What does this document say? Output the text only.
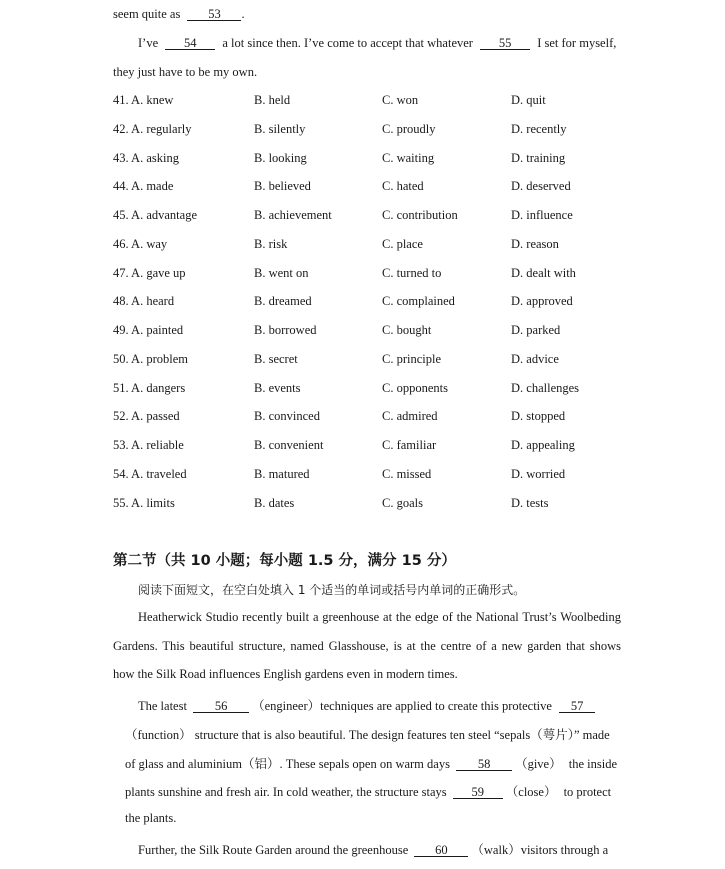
seem quite as 53 .
I’ve 54 a lot since then. I’ve come to accept that whatever 55 I set for myself,
they just have to be my own.
41. A. knew	B. held	C. won	D. quit
42. A. regularly	B. silently	C. proudly	D. recently
43. A. asking	B. looking	C. waiting	D. training
44. A. made	B. believed	C. hated	D. deserved
45. A. advantage	B. achievement	C. contribution	D. influence
46. A. way	B. risk	C. place	D. reason
47. A. gave up	B. went on	C. turned to	D. dealt with
48. A. heard	B. dreamed	C. complained	D. approved
49. A. painted	B. borrowed	C. bought	D. parked
50. A. problem	B. secret	C. principle	D. advice
51. A. dangers	B. events	C. opponents	D. challenges
52. A. passed	B. convinced	C. admired	D. stopped
53. A. reliable	B. convenient	C. familiar	D. appealing
54. A. traveled	B. matured	C. missed	D. worried
55. A. limits	B. dates	C. goals	D. tests
第二节（共 10 小题；每小题 1.5 分，满分 15 分）
阅读下面短文，在空白处填入 1 个适当的单词或括号内单词的正确形式。
Heatherwick Studio recently built a greenhouse at the edge of the National Trust’s Woolbeding
Gardens. This beautiful structure, named Glasshouse, is at the centre of a new garden that shows
how the Silk Road influences English gardens even in modern times.
The latest 56 （engineer）techniques are applied to create this protective 57
（function） structure that is also beautiful. The design features ten steel “sepals（萼片）” made
of glass and aluminium（铝）. These sepals open on warm days 58 （give） the inside
plants sunshine and fresh air. In cold weather, the structure stays 59 （close） to protect
the plants.
Further, the Silk Route Garden around the greenhouse 60 （walk）visitors through a
